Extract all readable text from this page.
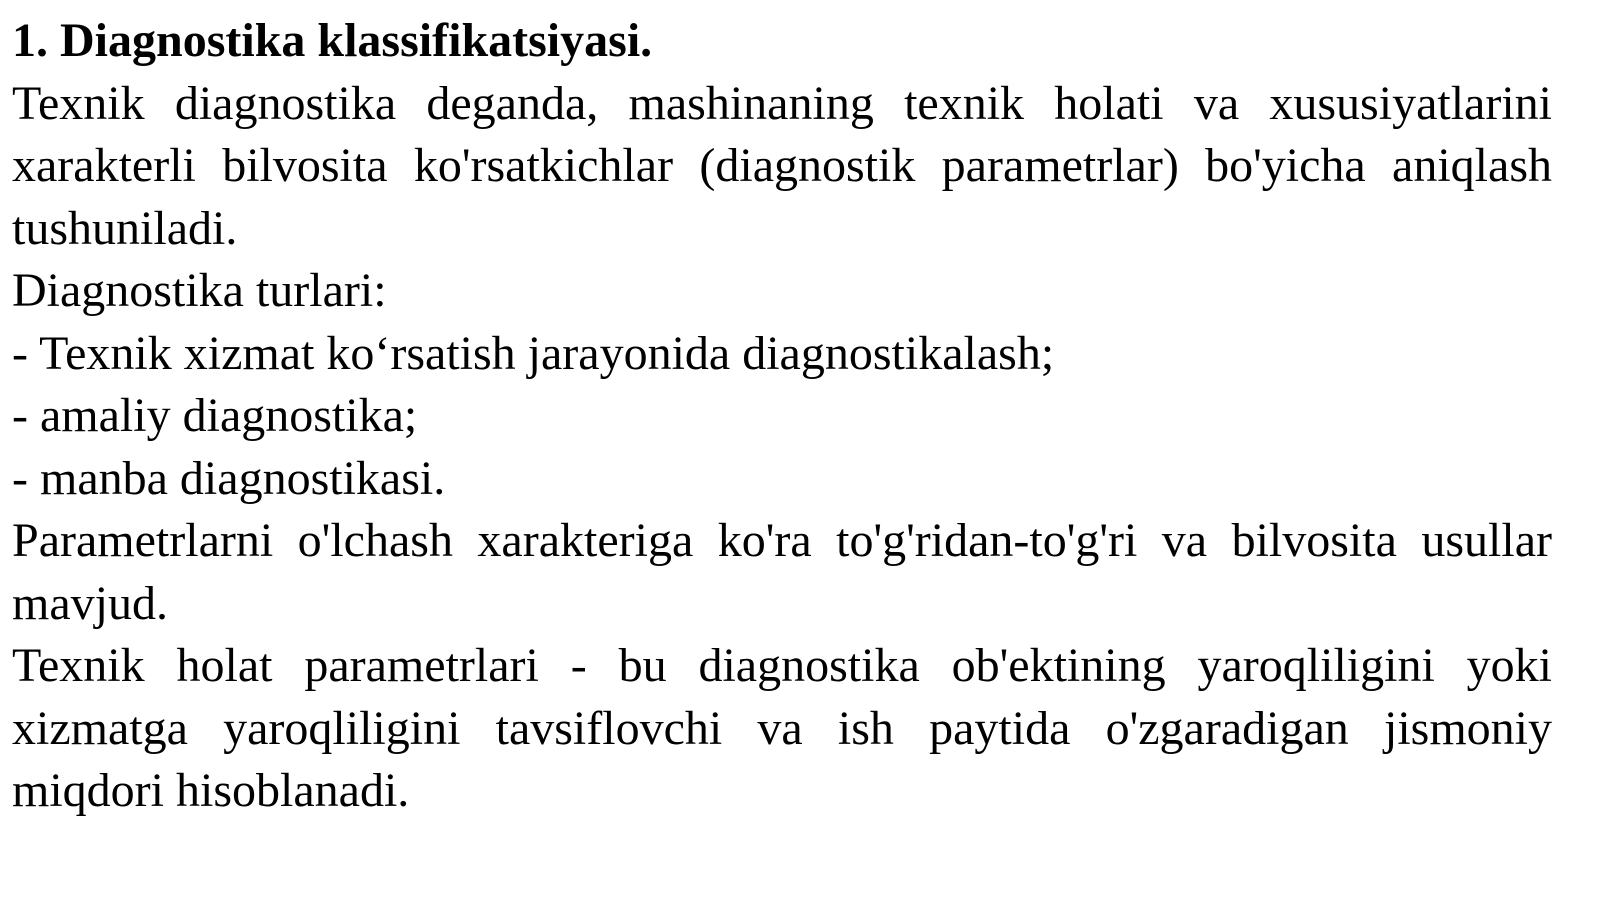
1. Diagnostika klassifikatsiyasi.

Texnik diagnostika deganda, mashinaning texnik holati va xususiyatlarini xarakterli bilvosita ko'rsatkichlar (diagnostik parametrlar) bo'yicha aniqlash tushuniladi.

Diagnostika turlari:

- Texnik xizmat ko‘rsatish jarayonida diagnostikalash;
- amaliy diagnostika;
- manba diagnostikasi.

Parametrlarni o'lchash xarakteriga ko'ra to'g'ridan-to'g'ri va bilvosita usullar mavjud.

Texnik holat parametrlari - bu diagnostika ob'ektining yaroqliligini yoki xizmatga yaroqliligini tavsiflovchi va ish paytida o'zgaradigan jismoniy miqdori hisoblanadi.
